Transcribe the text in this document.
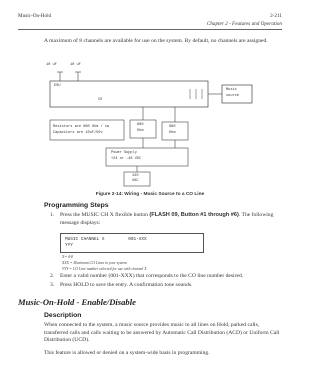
Music-On-Hold	2-211
Chapter 2 - Features and Operation
A maximum of 8 channels are available for use on the system. By default, no channels are assigned.
10 uF	10 uF
ESU
CO
Music
source
Resistors are 680 Ohm / 1w
Capacitors are 10uF/50v
680
Ohm
680
Ohm
Power Supply
+24 or -48 VDC
120
VAC
Figure 2-14: Wiring - Music Source to a CO Line
Programming Steps
1. Press the MUSIC CH X flexible button (FLASH 09, Button #1 through #6). The following
message displays:
MUSIC CHANNEL X         001-XXX
YYY
X= 4-8
XXX = Maximum CO Lines in your system
YYY = CO Line number selected for use with channel X
2. Enter a valid number (001-XXX) that corresponds to the CO line number desired.
3. Press HOLD to save the entry. A confirmation tone sounds.
Music-On-Hold - Enable/Disable
Description
When connected to the system, a music source provides music to all lines on Hold, parked calls, transferred calls and calls waiting to be answered by Automatic Call Distribution (ACD) or Uniform Call Distribution (UCD).
This feature is allowed or denied on a system-wide basis in programming.
